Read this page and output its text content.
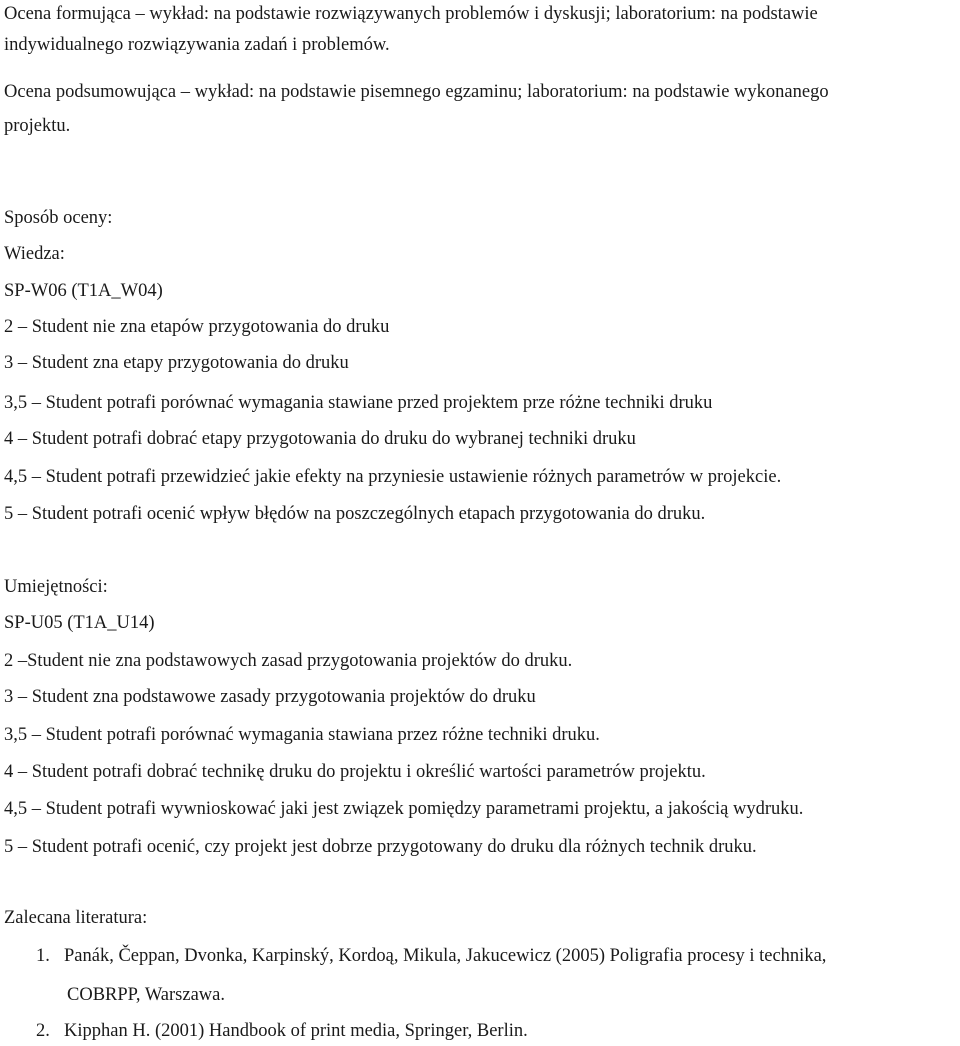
Ocena formująca – wykład: na podstawie rozwiązywanych problemów i dyskusji; laboratorium: na podstawie
indywidualnego rozwiązywania zadań i problemów.
Ocena podsumowująca – wykład: na podstawie pisemnego egzaminu; laboratorium: na podstawie wykonanego
projektu.
Sposób oceny:
Wiedza:
SP-W06 (T1A_W04)
2 – Student nie zna etapów przygotowania do druku
3 – Student zna etapy przygotowania do druku
3,5 – Student potrafi porównać wymagania stawiane przed projektem prze różne techniki druku
4 – Student potrafi dobrać etapy przygotowania do druku do wybranej techniki druku
4,5 – Student potrafi przewidzieć jakie efekty na przyniesie ustawienie różnych parametrów w projekcie.
5 – Student potrafi ocenić wpływ błędów na poszczególnych etapach przygotowania do druku.
Umiejętności:
SP-U05 (T1A_U14)
2 –Student nie zna podstawowych zasad przygotowania projektów do druku.
3 – Student zna podstawowe zasady przygotowania projektów do druku
3,5 – Student potrafi porównać wymagania stawiana przez różne techniki druku.
4 – Student potrafi dobrać technikę druku do projektu i określić wartości parametrów projektu.
4,5 – Student potrafi wywnioskować jaki jest związek pomiędzy parametrami projektu, a jakością wydruku.
5 – Student potrafi ocenić, czy projekt jest dobrze przygotowany do druku dla różnych technik druku.
Zalecana literatura:
1. Panák, Čeppan, Dvonka, Karpinský, Kordoą, Mikula, Jakucewicz (2005) Poligrafia procesy i technika,
COBRPP, Warszawa.
2. Kipphan H. (2001) Handbook of print media, Springer, Berlin.
